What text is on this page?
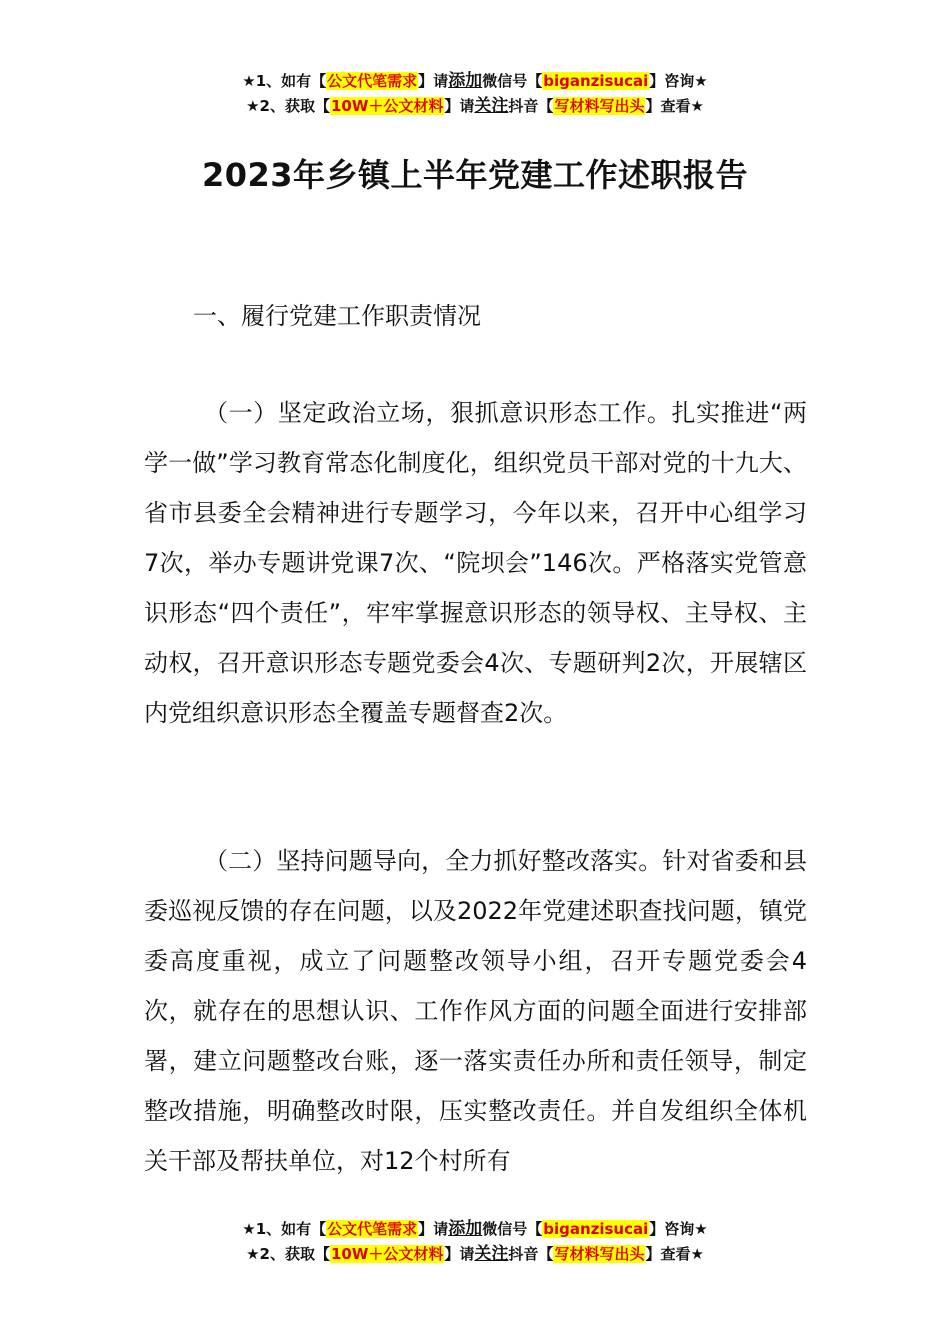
★1、如有【公文代笔需求】请添加微信号【biganzisucai】咨询★
★2、获取【10W＋公文材料】请关注抖音【写材料写出头】查看★
2023年乡镇上半年党建工作述职报告
一、履行党建工作职责情况

（一）坚定政治立场，狠抓意识形态工作。扎实推进“两学一做”学习教育常态化制度化，组织党员干部对党的十九大、省市县委全会精神进行专题学习，今年以来，召开中心组学习7次，举办专题讲党课7次、“院坝会”146次。严格落实党管意识形态“四个责任”，牢牢掌握意识形态的领导权、主导权、主动权，召开意识形态专题党委会4次、专题研判2次，开展辖区内党组织意识形态全覆盖专题督查2次。

（二）坚持问题导向，全力抓好整改落实。针对省委和县委巡视反馈的存在问题，以及2022年党建述职查找问题，镇党委高度重视，成立了问题整改领导小组，召开专题党委会4次，就存在的思想认识、工作作风方面的问题全面进行安排部署，建立问题整改台账，逐一落实责任办所和责任领导，制定整改措施，明确整改时限，压实整改责任。并自发组织全体机关干部及帮扶单位，对12个村所有

★1、如有【公文代笔需求】请添加微信号【biganzisucai】咨询★
★2、获取【10W＋公文材料】请关注抖音【写材料写出头】查看★
